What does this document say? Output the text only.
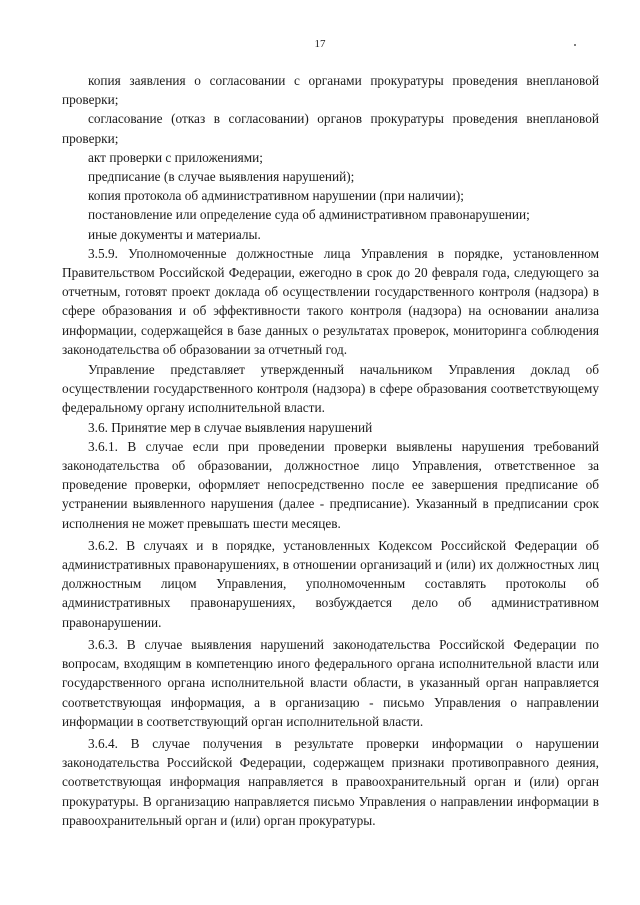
17

копия заявления о согласовании с органами прокуратуры проведения внеплановой проверки;

согласование (отказ в согласовании) органов прокуратуры проведения внеплановой проверки;

акт проверки с приложениями;

предписание (в случае выявления нарушений);

копия протокола об административном нарушении (при наличии);

постановление или определение суда об административном правонарушении;

иные документы и материалы.

3.5.9. Уполномоченные должностные лица Управления в порядке, установленном Правительством Российской Федерации, ежегодно в срок до 20 февраля года, следующего за отчетным, готовят проект доклада об осуществлении государственного контроля (надзора) в сфере образования и об эффективности такого контроля (надзора) на основании анализа информации, содержащейся в базе данных о результатах проверок, мониторинга соблюдения законодательства об образовании за отчетный год.

Управление представляет утвержденный начальником Управления доклад об осуществлении государственного контроля (надзора) в сфере образования соответствующему федеральному органу исполнительной власти.

3.6. Принятие мер в случае выявления нарушений

3.6.1. В случае если при проведении проверки выявлены нарушения требований законодательства об образовании, должностное лицо Управления, ответственное за проведение проверки, оформляет непосредственно после ее завершения предписание об устранении выявленного нарушения (далее - предписание). Указанный в предписании срок исполнения не может превышать шести месяцев.

3.6.2. В случаях и в порядке, установленных Кодексом Российской Федерации об административных правонарушениях, в отношении организаций и (или) их должностных лиц должностным лицом Управления, уполномоченным составлять протоколы об административных правонарушениях, возбуждается дело об административном правонарушении.

3.6.3. В случае выявления нарушений законодательства Российской Федерации по вопросам, входящим в компетенцию иного федерального органа исполнительной власти или государственного органа исполнительной власти области, в указанный орган направляется соответствующая информация, а в организацию - письмо Управления о направлении информации в соответствующий орган исполнительной власти.

3.6.4. В случае получения в результате проверки информации о нарушении законодательства Российской Федерации, содержащем признаки противоправного деяния, соответствующая информация направляется в правоохранительный орган и (или) орган прокуратуры. В организацию направляется письмо Управления о направлении информации в правоохранительный орган и (или) орган прокуратуры.
